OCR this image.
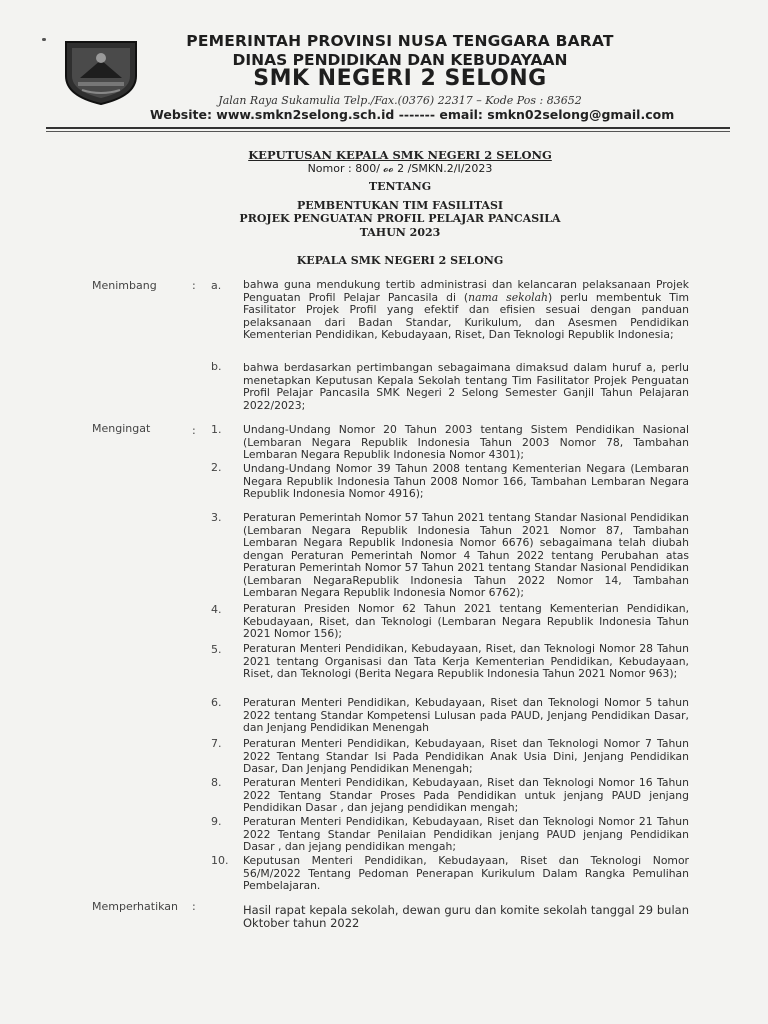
PEMERINTAH PROVINSI NUSA TENGGARA BARAT
DINAS PENDIDIKAN DAN KEBUDAYAAN
SMK NEGERI 2 SELONG
Jalan Raya Sukamulia Telp./Fax.(0376) 22317 – Kode Pos : 83652
Website: www.smkn2selong.sch.id ------- email: smkn02selong@gmail.com
KEPUTUSAN KEPALA SMK NEGERI 2 SELONG
Nomor : 800/ 𝓸𝓸 2 /SMKN.2/I/2023
TENTANG
PEMBENTUKAN TIM FASILITASI
PROJEK PENGUATAN PROFIL PELAJAR PANCASILA
TAHUN 2023
KEPALA SMK NEGERI 2 SELONG
Menimbang	: a. bahwa guna mendukung tertib administrasi dan kelancaran pelaksanaan Projek Penguatan Profil Pelajar Pancasila di (nama sekolah) perlu membentuk Tim Fasilitator Projek Profil yang efektif dan efisien sesuai dengan panduan pelaksanaan dari Badan Standar, Kurikulum, dan Asesmen Pendidikan Kementerian Pendidikan, Kebudayaan, Riset, Dan Teknologi Republik Indonesia;
b. bahwa berdasarkan pertimbangan sebagaimana dimaksud dalam huruf a, perlu menetapkan Keputusan Kepala Sekolah tentang Tim Fasilitator Projek Penguatan Profil Pelajar Pancasila SMK Negeri 2 Selong Semester Ganjil Tahun Pelajaran 2022/2023;
Mengingat	: 1. Undang-Undang Nomor 20 Tahun 2003 tentang Sistem Pendidikan Nasional (Lembaran Negara Republik Indonesia Tahun 2003 Nomor 78, Tambahan Lembaran Negara Republik Indonesia Nomor 4301);
2. Undang-Undang Nomor 39 Tahun 2008 tentang Kementerian Negara (Lembaran Negara Republik Indonesia Tahun 2008 Nomor 166, Tambahan Lembaran Negara Republik Indonesia Nomor 4916);
3. Peraturan Pemerintah Nomor 57 Tahun 2021 tentang Standar Nasional Pendidikan (Lembaran Negara Republik Indonesia Tahun 2021 Nomor 87, Tambahan Lembaran Negara Republik Indonesia Nomor 6676) sebagaimana telah diubah dengan Peraturan Pemerintah Nomor 4 Tahun 2022 tentang Perubahan atas Peraturan Pemerintah Nomor 57 Tahun 2021 tentang Standar Nasional Pendidikan (Lembaran NegaraRepublik Indonesia Tahun 2022 Nomor 14, Tambahan Lembaran Negara Republik Indonesia Nomor 6762);
4. Peraturan Presiden Nomor 62 Tahun 2021 tentang Kementerian Pendidikan, Kebudayaan, Riset, dan Teknologi (Lembaran Negara Republik Indonesia Tahun 2021 Nomor 156);
5. Peraturan Menteri Pendidikan, Kebudayaan, Riset, dan Teknologi Nomor 28 Tahun 2021 tentang Organisasi dan Tata Kerja Kementerian Pendidikan, Kebudayaan, Riset, dan Teknologi (Berita Negara Republik Indonesia Tahun 2021 Nomor 963);
6. Peraturan Menteri Pendidikan, Kebudayaan, Riset dan Teknologi Nomor 5 tahun 2022 tentang Standar Kompetensi Lulusan pada PAUD, Jenjang Pendidikan Dasar, dan Jenjang Pendidikan Menengah
7. Peraturan Menteri Pendidikan, Kebudayaan, Riset dan Teknologi Nomor 7 Tahun 2022 Tentang Standar Isi Pada Pendidikan Anak Usia Dini, Jenjang Pendidikan Dasar, Dan Jenjang Pendidikan Menengah;
8. Peraturan Menteri Pendidikan, Kebudayaan, Riset dan Teknologi Nomor 16 Tahun 2022 Tentang Standar Proses Pada Pendidikan untuk jenjang PAUD jenjang Pendidikan Dasar , dan jejang pendidikan mengah;
9. Peraturan Menteri Pendidikan, Kebudayaan, Riset dan Teknologi Nomor 21 Tahun 2022 Tentang Standar Penilaian Pendidikan jenjang PAUD jenjang Pendidikan Dasar , dan jejang pendidikan mengah;
10. Keputusan Menteri Pendidikan, Kebudayaan, Riset dan Teknologi Nomor 56/M/2022 Tentang Pedoman Penerapan Kurikulum Dalam Rangka Pemulihan Pembelajaran.
Memperhatikan :	Hasil rapat kepala sekolah, dewan guru dan komite sekolah tanggal 29 bulan Oktober tahun 2022
